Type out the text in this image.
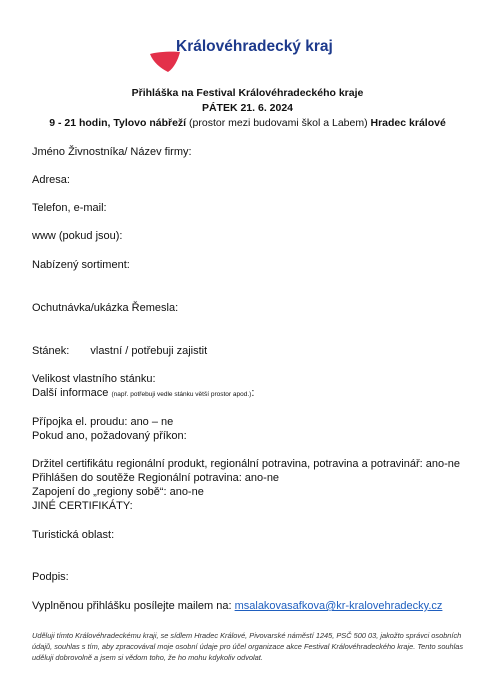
Královéhradecký kraj
Přihláška na Festival Královéhradeckého kraje
PÁTEK 21. 6. 2024
9 - 21 hodin, Tylovo nábřeží (prostor mezi budovami škol a Labem) Hradec králové
Jméno Živnostníka/ Název firmy:
Adresa:
Telefon, e-mail:
www (pokud jsou):
Nabízený sortiment:
Ochutnávka/ukázka Řemesla:
Stánek: vlastní / potřebuji zajistit
Velikost vlastního stánku:
Další informace (např. potřebuji vedle stánku větší prostor apod.):
Přípojka el. proudu: ano – ne
Pokud ano, požadovaný příkon:
Držitel certifikátu regionální produkt, regionální potravina, potravina a potravinář: ano-ne
Přihlášen do soutěže Regionální potravina: ano-ne
Zapojení do „regiony sobě“: ano-ne
JINÉ CERTIFIKÁTY:
Turistická oblast:
Podpis:
Vyplněnou přihlášku posílejte mailem na: msalakovasafkova@kr-kralovehradecky.cz
Uděluji tímto Královéhradeckému kraji, se sídlem Hradec Králové, Pivovarské náměstí 1245, PSČ 500 03, jakožto správci osobních údajů, souhlas s tím, aby zpracovával moje osobní údaje pro účel organizace akce Festival Královéhradeckého kraje. Tento souhlas uděluji dobrovolně a jsem si vědom toho, že ho mohu kdykoliv odvolat.
